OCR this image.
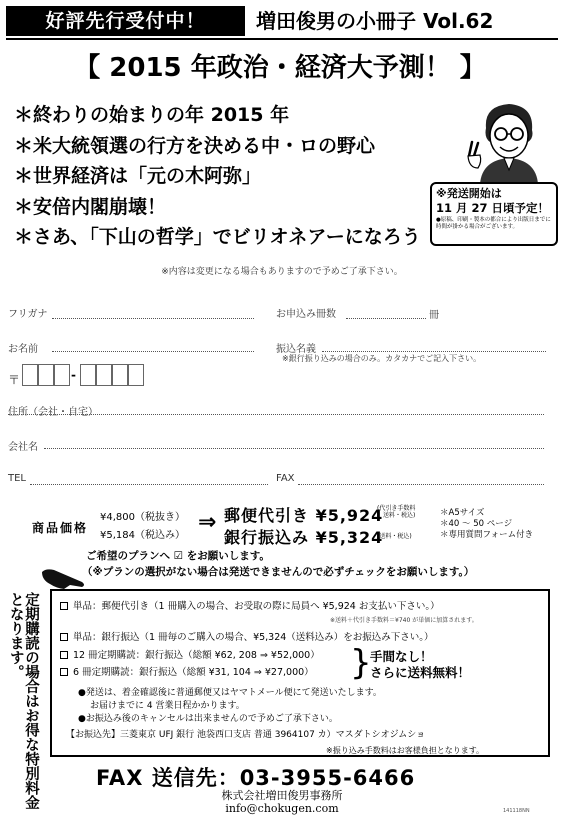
好評先行受付中！	増田俊男の小冊子 Vol.62
【 2015 年政治・経済大予測！ 】
＊終わりの始まりの年 2015 年
＊米大統領選の行方を決める中・ロの野心
＊世界経済は「元の木阿弥」
＊安倍内閣崩壊！
＊さあ、「下山の哲学」でビリオネアーになろう
※発送開始は
11 月 27 日頃予定！
●原稿、印刷・製本の都合により出版日までに時間が掛かる場合がございます。
※内容は変更になる場合もありますので予めご了承下さい。
フリガナ	お申込み冊数	冊
お名前	振込名義
※銀行振り込みの場合のみ。カタカナでご記入下さい。
〒	-
住所（会社・自宅）
会社名
TEL	FAX
商品価格
¥4,800（税抜き）
¥5,184（税込み）
⇒ 郵便代引き ¥5,924
(代引き手数料
送料・税込)
銀行振込み ¥5,324
(送料・税込)
＊A5サイズ
＊40 ～ 50 ページ
＊専用質問フォーム付き
ご希望のプランへ ☑ をお願いします。
（※プランの選択がない場合は発送できませんので必ずチェックをお願いします。）
定期購読の場合はお得な特別料金となります。	単品：郵便代引き（1 冊購入の場合、お受取の際に局員へ ¥5,924 お支払い下さい。）
※送料＋代引き手数料＝¥740 が単価に加算されます。
単品：銀行振込（1 冊毎のご購入の場合、¥5,324（送料込み）をお振込み下さい。）
12 冊定期購読：銀行振込（総額 ¥62, 208 ⇒ ¥52,000）
6 冊定期購読：銀行振込（総額 ¥31, 104 ⇒ ¥27,000） }
手間なし！
さらに送料無料！
●発送は、着金確認後に普通郵便又はヤマトメール便にて発送いたします。
お届けまでに 4 営業日程かかります。
●お振込み後のキャンセルは出来ませんので予めご了承下さい。
【お振込先】三菱東京 UFJ 銀行 池袋西口支店 普通 3964107 カ）マスダトシオジムショ
※振り込み手数料はお客様負担となります。
FAX 送信先：03-3955-6466
株式会社増田俊男事務所
info@chokugen.com	141118NN
